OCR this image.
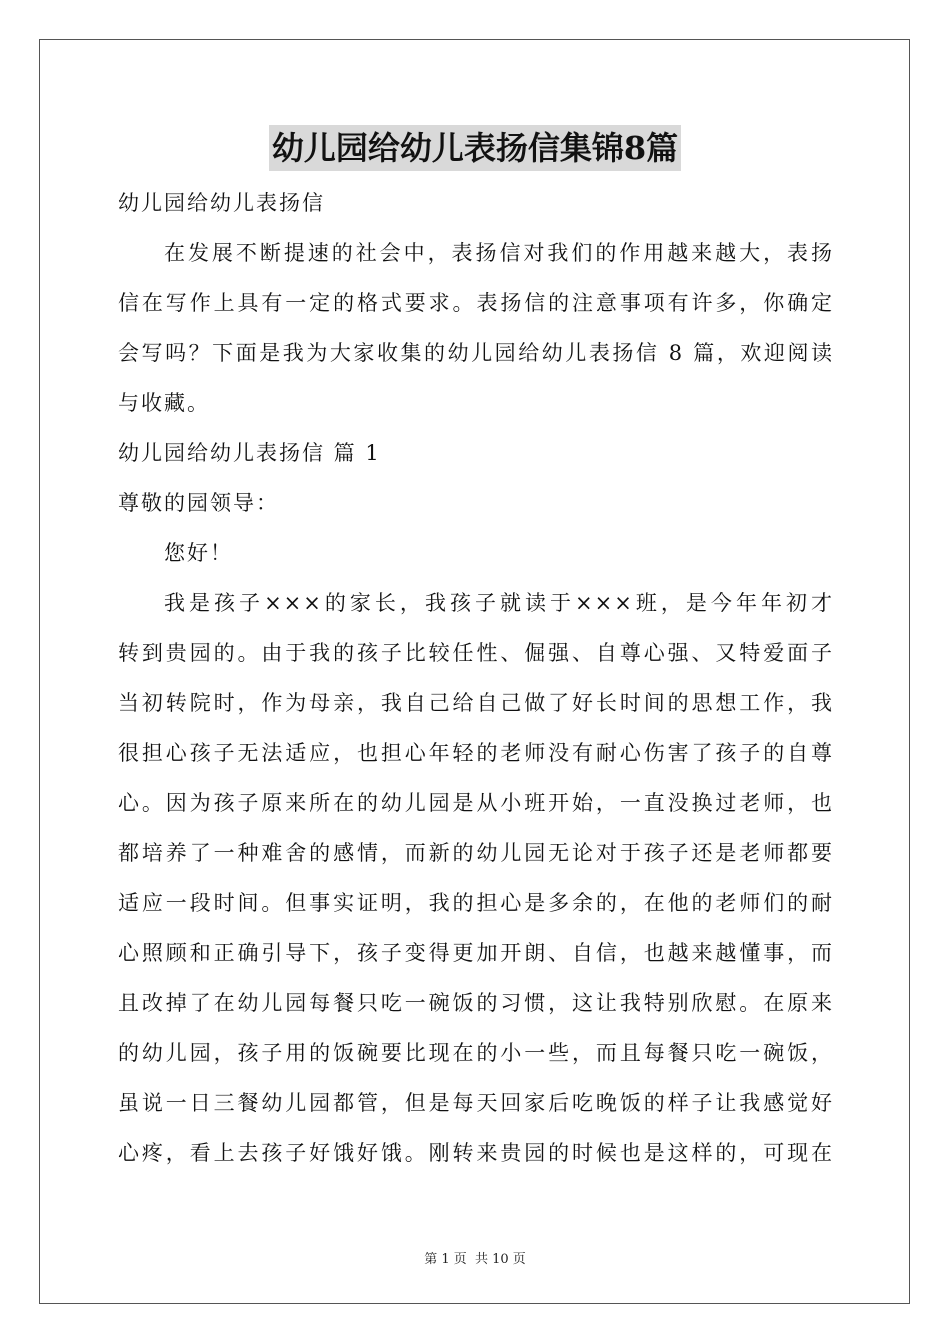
幼儿园给幼儿表扬信集锦8篇

幼儿园给幼儿表扬信

在发展不断提速的社会中，表扬信对我们的作用越来越大，表扬

信在写作上具有一定的格式要求。表扬信的注意事项有许多，你确定

会写吗？下面是我为大家收集的幼儿园给幼儿表扬信 8 篇，欢迎阅读

与收藏。

幼儿园给幼儿表扬信 篇 1

尊敬的园领导：

您好！

我是孩子×××的家长，我孩子就读于×××班，是今年年初才

转到贵园的。由于我的孩子比较任性、倔强、自尊心强、又特爱面子

当初转院时，作为母亲，我自己给自己做了好长时间的思想工作，我

很担心孩子无法适应，也担心年轻的老师没有耐心伤害了孩子的自尊

心。因为孩子原来所在的幼儿园是从小班开始，一直没换过老师，也

都培养了一种难舍的感情，而新的幼儿园无论对于孩子还是老师都要

适应一段时间。但事实证明，我的担心是多余的，在他的老师们的耐

心照顾和正确引导下，孩子变得更加开朗、自信，也越来越懂事，而

且改掉了在幼儿园每餐只吃一碗饭的习惯，这让我特别欣慰。在原来

的幼儿园，孩子用的饭碗要比现在的小一些，而且每餐只吃一碗饭，

虽说一日三餐幼儿园都管，但是每天回家后吃晚饭的样子让我感觉好

心疼，看上去孩子好饿好饿。刚转来贵园的时候也是这样的，可现在

第 1 页 共 10 页
